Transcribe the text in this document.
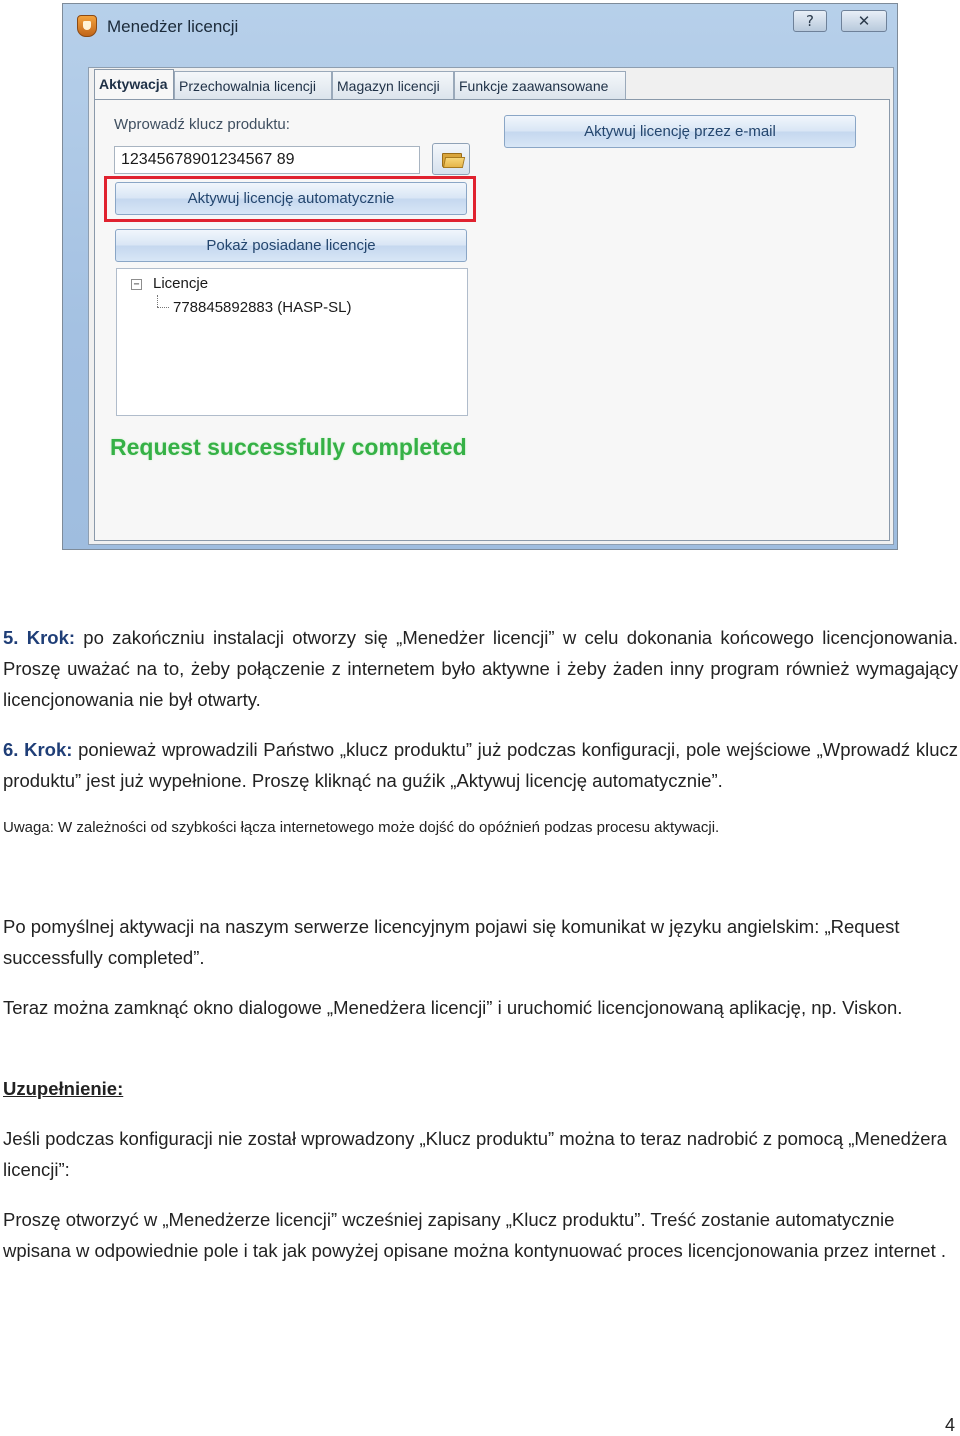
Menedżer licencji	?	✕
Aktywacja Przechowalnia licencji	Magazyn licencji	Funkcje zaawansowane
Wprowadź klucz produktu:
12345678901234567 89	Aktywuj licencję przez e-mail
Aktywuj licencję automatycznie
Pokaż posiadane licencje
− Licencje
778845892883 (HASP-SL)
Request successfully completed
5. Krok: po zakończniu instalacji otworzy się „Menedżer licencji” w celu dokonania końcowego licencjonowania. Proszę uważać na to, żeby połączenie z internetem było aktywne i żeby żaden inny program również wymagający licencjonowania nie był otwarty.
6. Krok: ponieważ wprowadzili Państwo „klucz produktu” już podczas konfiguracji, pole wejściowe „Wprowadź klucz produktu” jest już wypełnione. Proszę kliknąć na guźik „Aktywuj licencję automatycznie”.
Uwaga: W zależności od szybkości łącza internetowego może dojść do opóźnień podzas procesu aktywacji.
Po pomyślnej aktywacji na naszym serwerze licencyjnym pojawi się komunikat w języku angielskim: „Request successfully completed”.
Teraz można zamknąć okno dialogowe „Menedżera licencji” i uruchomić licencjonowaną aplikację, np. Viskon.
Uzupełnienie:
Jeśli podczas konfiguracji nie został wprowadzony „Klucz produktu” można to teraz nadrobić z pomocą „Menedżera licencji”:
Proszę otworzyć w „Menedżerze licencji” wcześniej zapisany „Klucz produktu”. Treść zostanie automatycznie wpisana w odpowiednie pole i tak jak powyżej opisane można kontynuować proces licencjonowania przez internet .
4
